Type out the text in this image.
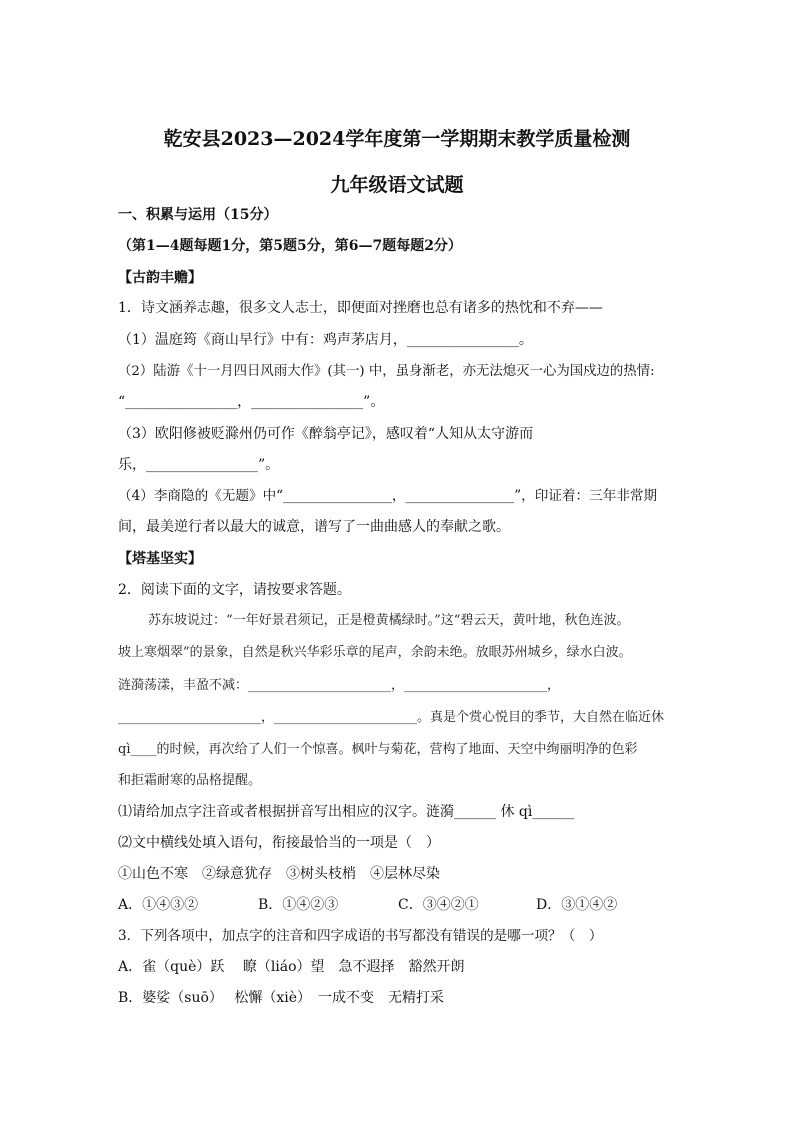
乾安县2023—2024学年度第一学期期末教学质量检测
九年级语文试题
一、积累与运用（15分）
（第1—4题每题1分，第5题5分，第6—7题每题2分）
【古韵丰赡】
1．诗文涵养志趣，很多文人志士，即便面对挫磨也总有诸多的热忱和不弃——
（1）温庭筠《商山早行》中有：鸡声茅店月，________________。
（2）陆游《十一月四日风雨大作》(其一) 中，虽身渐老，亦无法熄灭一心为国戍边的热情:
“________________，________________”。
（3）欧阳修被贬滁州仍可作《醉翁亭记》，感叹着“人知从太守游而
乐，________________”。
（4）李商隐的《无题》中“________________，________________”，印证着：三年非常期
间，最美逆行者以最大的诚意，谱写了一曲曲感人的奉献之歌。
【塔基坚实】
2．阅读下面的文字，请按要求答题。
苏东坡说过：“一年好景君须记，正是橙黄橘绿时。”这“碧云天，黄叶地，秋色连波。
坡上寒烟翠”的景象，自然是秋兴华彩乐章的尾声，余韵未绝。放眼苏州城乡，绿水白波。
涟漪荡漾，丰盈不减：______________________，______________________，
______________________，______________________。真是个赏心悦目的季节，大自然在临近休
qì____的时候，再次给了人们一个惊喜。枫叶与菊花，营构了地面、天空中绚丽明净的色彩
和拒霜耐寒的品格提醒。
⑴请给加点字注音或者根据拼音写出相应的汉字。涟漪______ 休 qì______
⑵文中横线处填入语句，衔接最恰当的一项是（　）
①山色不寒　②绿意犹存　③树头枝梢　④层林尽染
A．①④③②	B．①④②③	C．③④②①	D．③①④②
3．下列各项中，加点字的注音和四字成语的书写都没有错误的是哪一项？（　）
A．雀（què）跃　 瞭（liáo）望　急不遐择　豁然开朗
B．婆娑（suō）　 松懈（xiè）　一成不变　无精打采
